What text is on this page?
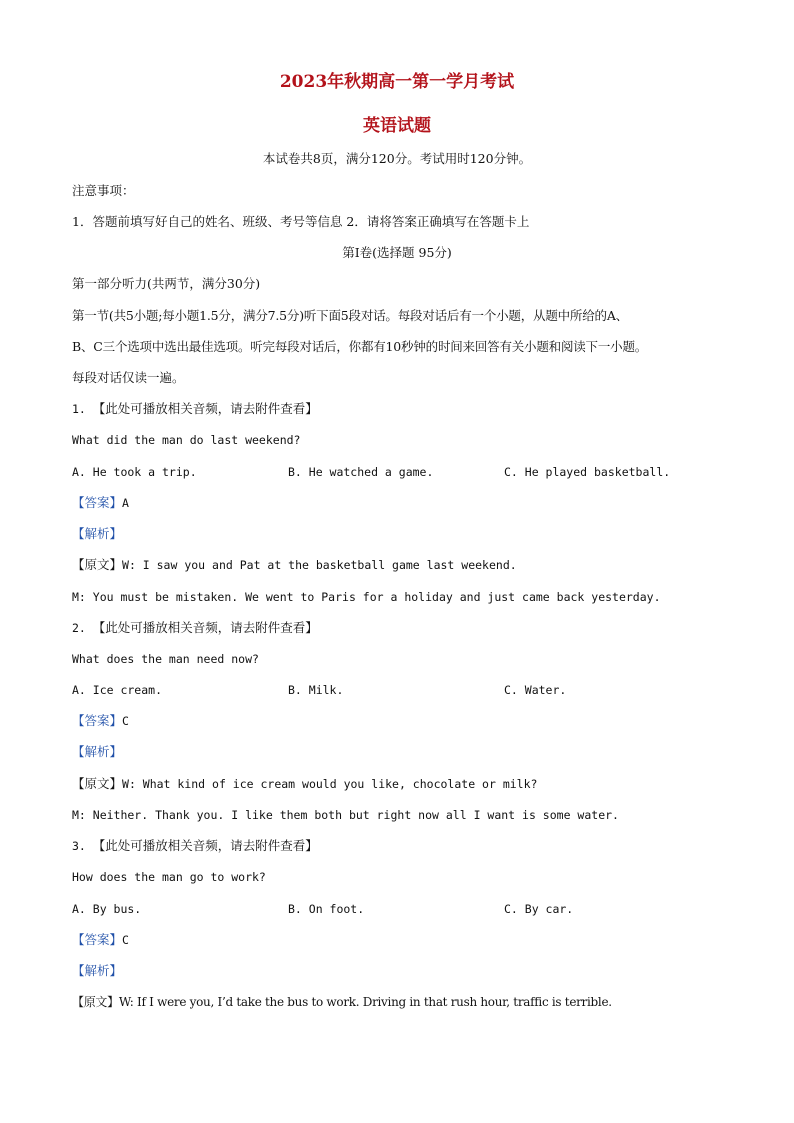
2023年秋期高一第一学月考试
英语试题
本试卷共8页，满分120分。考试用时120分钟。
注意事项：
1．答题前填写好自己的姓名、班级、考号等信息 2．请将答案正确填写在答题卡上
第I卷(选择题 95分)
第一部分听力(共两节，满分30分)
第一节(共5小题;每小题1.5分，满分7.5分)听下面5段对话。每段对话后有一个小题，从题中所给的A、
B、C三个选项中选出最佳选项。听完每段对话后，你都有10秒钟的时间来回答有关小题和阅读下一小题。
每段对话仅读一遍。
1. 【此处可播放相关音频，请去附件查看】
What did the man do last weekend?
A. He took a trip.	B. He watched a game.	C. He played basketball.
【答案】A
【解析】
【原文】W: I saw you and Pat at the basketball game last weekend.
M: You must be mistaken. We went to Paris for a holiday and just came back yesterday.
2. 【此处可播放相关音频，请去附件查看】
What does the man need now?
A. Ice cream.	B. Milk.	C. Water.
【答案】C
【解析】
【原文】W: What kind of ice cream would you like, chocolate or milk?
M: Neither. Thank you. I like them both but right now all I want is some water.
3. 【此处可播放相关音频，请去附件查看】
How does the man go to work?
A. By bus.	B. On foot.	C. By car.
【答案】C
【解析】
【原文】W: If I were you, I’d take the bus to work. Driving in that rush hour, traffic is terrible.
